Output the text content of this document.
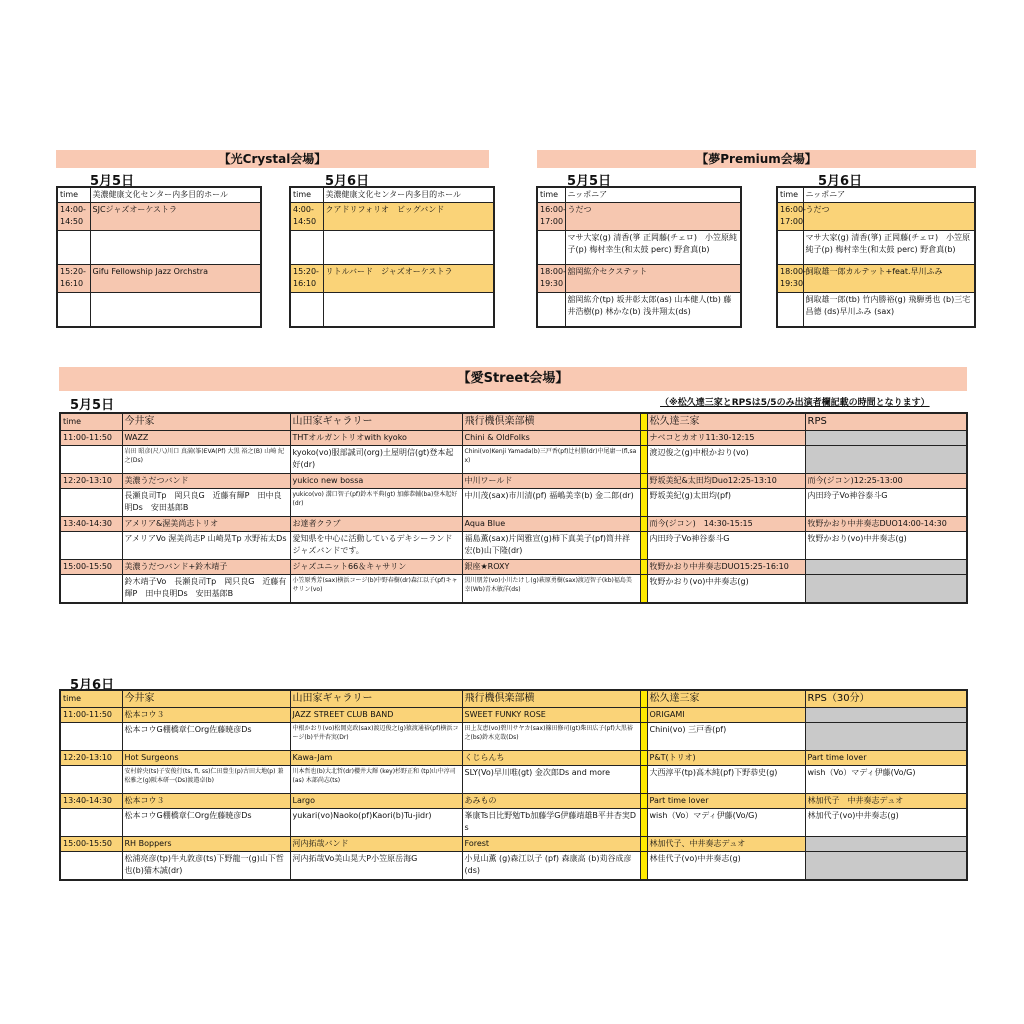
【光Crystal会場】
5月5日	5月6日
time	美濃健康文化センター内多目的ホール
14:00-
14:50	SJCジャズオーケストラ

15:20-
16:10	Gifu Fellowship Jazz Orchstra

time	美濃健康文化センター内多目的ホール
4:00-
14:50	クアドリフォリオ　ビッグバンド

15:20-
16:10	リトルバード　ジャズオーケストラ

【夢Premium会場】
5月5日	5月6日
time	ニッポニア
16:00-
17:00	うだつ
	マサ大家(g) 清香(箏 正岡藤(チェロ)　小笠原純子(p) 梅村幸生(和太鼓 perc) 野倉真(b)
18:00-
19:30	舘岡紘介セクステット
	舘岡紘介(tp) 坂井彰太郎(as) 山本健人(tb) 藤井浩樹(p) 林かな(b) 浅井翔太(ds)
time	ニッポニア
16:00-
17:00	うだつ
	マサ大家(g) 清香(箏) 正岡藤(チェロ)　小笠原純子(p) 梅村幸生(和太鼓 perc) 野倉真(b)
18:00-
19:30	飼取雄一郎カルテット+feat.早川ふみ
	飼取雄一郎(tb) 竹内勝裕(g) 飛騨勇也 (b)三宅昌德 (ds)早川ふみ (sax)
【愛Street会場】
5月5日	（※松久達三家とRPSは5/5のみ出演者欄記載の時間となります）
time	今井家	山田家ギャラリー	飛行機倶楽部横		松久達三家	RPS
11:00-11:50	WAZZ	THTオルガントリオwith kyoko	Chini & OldFolks		ナベコとカオリ11:30-12:15	
	岩田 昭彦(尺八)川口 真満(筝)EVA(Pf) 大黒 裕之(B) 山崎 紀之(Ds)	kyoko(vo)服部誠司(org)土屋明信(gt)登本起好(dr)	Chini(vo)Kenji Yamada(b)三戸香(pf)辻村勝(dr)中尾庸一(fl,sax)		渡辺俊之(g)中根かおり(vo)	
12:20-13:10	美濃うだつバンド	yukico new bossa	中川ワールド		野坂美紀&太田均Duo12:25-13:10	而今(ジコン)12:25-13:00
	長瀬良司Tp　岡只良G　近藤有輝P　田中良明Ds　安田基郎B	yukico(vo) 溝口智子(pf)鈴木平典(gt) 加藤恭輔(ba)登本起好(dr)	中川茂(sax)市川清(pf) 福嶋美幸(b) 金二郎(dr)		野坂美紀(g)太田均(pf)	内田玲子Vo神谷泰斗G
13:40-14:30	アメリア&渥美尚志トリオ	お達者クラブ	Aqua Blue		而今(ジコン)　14:30-15:15	牧野かおり中井奏志DUO14:00-14:30
	アメリアVo 渥美尚志P 山崎晃Tp 水野祐太Ds	愛知県を中心に活動しているデキシーランドジャズバンドです。	福島薫(sax)片岡雅宣(g)柿下真美子(pf)筒井祥宏(b)山下隆(dr)		内田玲子Vo神谷泰斗G	牧野かおり(vo)中井奏志(g)
15:00-15:50	美濃うだつバンド+鈴木靖子	ジャズユニット66＆キャサリン	銀座★ROXY		牧野かおり中井奏志DUO15:25-16:10	
	鈴木靖子Vo　長瀬良司Tp　岡只良G　近藤有輝P　田中良明Ds　安田基郎B	小笠原秀芳(sax)横浜コージ(b)中野春樹(dr)森江以子(pf)キャサリン(vo)	黒川朋芳(vo)小川たけし(g)萩原勇樹(sax)渡辺智子(kb)福島美幸(Wb)青木敏洋(ds)		牧野かおり(vo)中井奏志(g)	
5月6日
time	今井家	山田家ギャラリー	飛行機倶楽部横		松久達三家	RPS（30分）
11:00-11:50	松本コウ３	JAZZ STREET CLUB BAND	SWEET FUNKY ROSE		ORIGAMI	
	松本コウG棚橋章仁Org佐藤暁彦Ds	中根かおり(vo)松岡克政(sax)渡辺俊之(g)猿渡通裕(pf)横浜コージ(b)平井杏実(Dr)	田上友恵(vo)碧川サヤカ(sax)篠田修司(gt)柴田広子(pf)大黒裕之(bs)鈴木克哉(Ds)		Chini(vo) 三戸香(pf)	
12:20-13:10	Hot Surgeons	Kawa-Jam	くじらんち		P&T(トリオ)	Part time lover
	安村幹央(ts)子安俊行(ts, fl, ss)仁田豊生(p)古田大地(p) 兼松雅之(g)阪本研一(Ds)渡邉卓(b)	川本哲也(b)大北哲(dr)櫻井大輝 (key)杉野正和 (tp)山中淳司 (as) 木部尚志(ts)	SLY(Vo)早川唯(gt) 金次郎Ds and more		大西淳平(tp)高木純(pf)下野恭史(g)	wish（Vo）マディ伊藤(Vo/G)
13:40-14:30	松本コウ３	Largo	あみもの		Part time lover	林加代子　中井奏志デュオ
	松本コウG棚橋章仁Org佐藤暁彦Ds	yukari(vo)Naoko(pf)Kaori(b)Tu-jidr)	峯康Ts日比野勉Tb加藤学G伊藤靖雄B平井杏実Ds		wish（Vo）マディ伊藤(Vo/G)	林加代子(vo)中井奏志(g)
15:00-15:50	RH Boppers	河内拓哉バンド	Forest		林加代子、中井奏志デュオ	
	松浦亮彦(tp)牛丸敦彦(ts)下野龍一(g)山下哲也(b)猫木誠(dr)	河内拓哉Vo美山晃大P小笠原岳海G	小見山薫 (g)森江以子 (pf) 森康高 (b)苅谷成彦(ds)		林佳代子(vo)中井奏志(g)	
